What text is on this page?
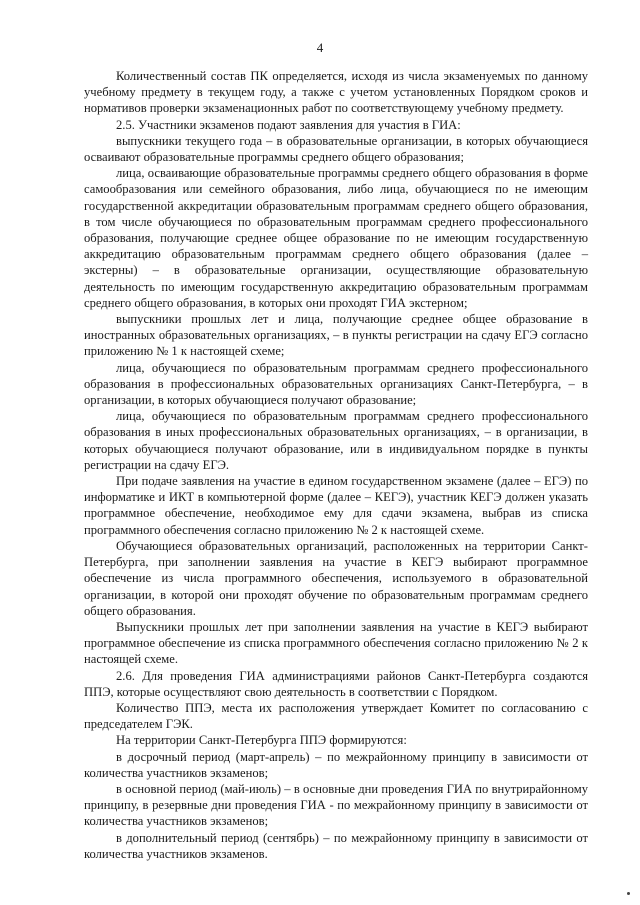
4

Количественный состав ПК определяется, исходя из числа экзаменуемых по данному учебному предмету в текущем году, а также с учетом установленных Порядком сроков и нормативов проверки экзаменационных работ по соответствующему учебному предмету.

2.5. Участники экзаменов подают заявления для участия в ГИА:

выпускники текущего года – в образовательные организации, в которых обучающиеся осваивают образовательные программы среднего общего образования;

лица, осваивающие образовательные программы среднего общего образования в форме самообразования или семейного образования, либо лица, обучающиеся по не имеющим государственной аккредитации образовательным программам среднего общего образования, в том числе обучающиеся по образовательным программам среднего профессионального образования, получающие среднее общее образование по не имеющим государственную аккредитацию образовательным программам среднего общего образования (далее – экстерны) – в образовательные организации, осуществляющие образовательную деятельность по имеющим государственную аккредитацию образовательным программам среднего общего образования, в которых они проходят ГИА экстерном;

выпускники прошлых лет и лица, получающие среднее общее образование в иностранных образовательных организациях, – в пункты регистрации на сдачу ЕГЭ согласно приложению № 1 к настоящей схеме;

лица, обучающиеся по образовательным программам среднего профессионального образования в профессиональных образовательных организациях Санкт-Петербурга, – в организации, в которых обучающиеся получают образование;

лица, обучающиеся по образовательным программам среднего профессионального образования в иных профессиональных образовательных организациях, – в организации, в которых обучающиеся получают образование, или в индивидуальном порядке в пункты регистрации на сдачу ЕГЭ.

При подаче заявления на участие в едином государственном экзамене (далее – ЕГЭ) по информатике и ИКТ в компьютерной форме (далее – КЕГЭ), участник КЕГЭ должен указать программное обеспечение, необходимое ему для сдачи экзамена, выбрав из списка программного обеспечения согласно приложению № 2 к настоящей схеме.

Обучающиеся образовательных организаций, расположенных на территории Санкт-Петербурга, при заполнении заявления на участие в КЕГЭ выбирают программное обеспечение из числа программного обеспечения, используемого в образовательной организации, в которой они проходят обучение по образовательным программам среднего общего образования.

Выпускники прошлых лет при заполнении заявления на участие в КЕГЭ выбирают программное обеспечение из списка программного обеспечения согласно приложению № 2 к настоящей схеме.

2.6. Для проведения ГИА администрациями районов Санкт-Петербурга создаются ППЭ, которые осуществляют свою деятельность в соответствии с Порядком.

Количество ППЭ, места их расположения утверждает Комитет по согласованию с председателем ГЭК.

На территории Санкт-Петербурга ППЭ формируются:

в досрочный период (март-апрель) – по межрайонному принципу в зависимости от количества участников экзаменов;

в основной период (май-июль) – в основные дни проведения ГИА по внутрирайонному принципу, в резервные дни проведения ГИА - по межрайонному принципу в зависимости от количества участников экзаменов;

в дополнительный период (сентябрь) – по межрайонному принципу в зависимости от количества участников экзаменов.
